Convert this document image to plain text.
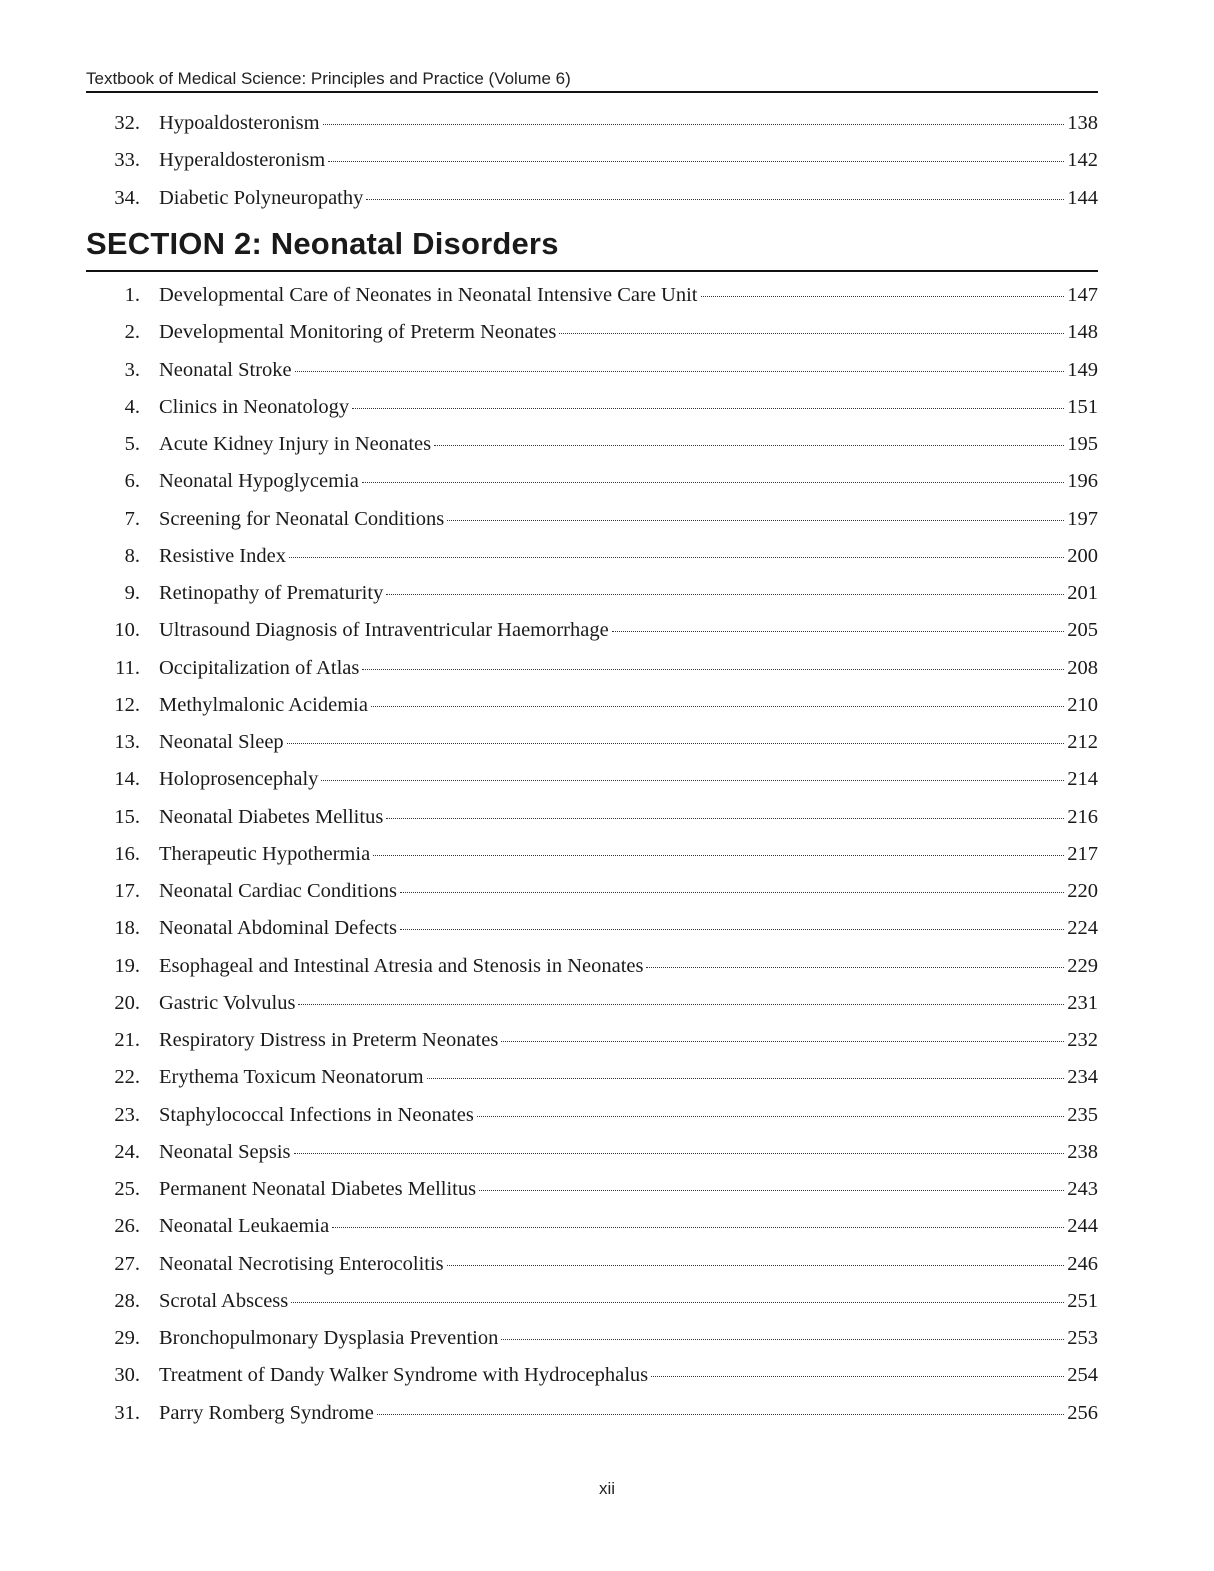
Textbook of Medical Science: Principles and Practice (Volume 6)
32. Hypoaldosteronism	138
33. Hyperaldosteronism	142
34. Diabetic Polyneuropathy	144
SECTION 2: Neonatal Disorders
1. Developmental Care of Neonates in Neonatal Intensive Care Unit	147
2. Developmental Monitoring of Preterm Neonates	148
3. Neonatal Stroke	149
4. Clinics in Neonatology	151
5. Acute Kidney Injury in Neonates	195
6. Neonatal Hypoglycemia	196
7. Screening for Neonatal Conditions	197
8. Resistive Index	200
9. Retinopathy of Prematurity	201
10. Ultrasound Diagnosis of Intraventricular Haemorrhage	205
11. Occipitalization of Atlas	208
12. Methylmalonic Acidemia	210
13. Neonatal Sleep	212
14. Holoprosencephaly	214
15. Neonatal Diabetes Mellitus	216
16. Therapeutic Hypothermia	217
17. Neonatal Cardiac Conditions	220
18. Neonatal Abdominal Defects	224
19. Esophageal and Intestinal Atresia and Stenosis in Neonates	229
20. Gastric Volvulus	231
21. Respiratory Distress in Preterm Neonates	232
22. Erythema Toxicum Neonatorum	234
23. Staphylococcal Infections in Neonates	235
24. Neonatal Sepsis	238
25. Permanent Neonatal Diabetes Mellitus	243
26. Neonatal Leukaemia	244
27. Neonatal Necrotising Enterocolitis	246
28. Scrotal Abscess	251
29. Bronchopulmonary Dysplasia Prevention	253
30. Treatment of Dandy Walker Syndrome with Hydrocephalus	254
31. Parry Romberg Syndrome	256
xii
